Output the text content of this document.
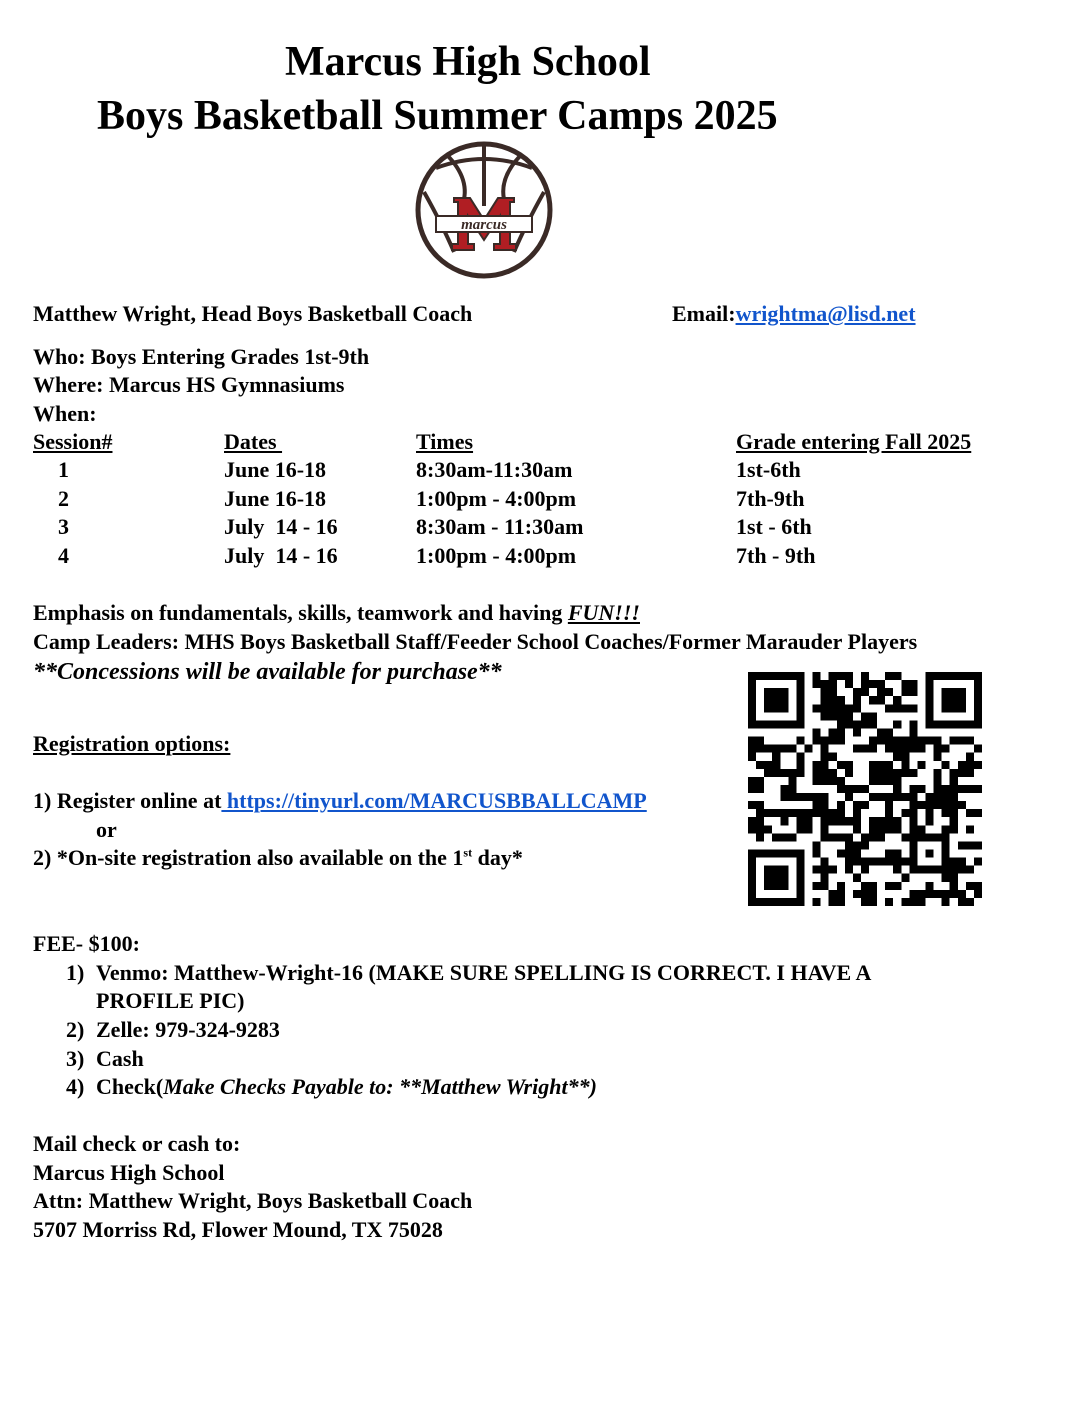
Marcus High School
Boys Basketball Summer Camps 2025
marcus
Matthew Wright, Head Boys Basketball Coach	Email:wrightma@lisd.net
Who: Boys Entering Grades 1st-9th
Where: Marcus HS Gymnasiums
When:
Session#	Dates	Times	Grade entering Fall 2025
1	June 16-18	8:30am-11:30am	1st-6th
2	June 16-18	1:00pm - 4:00pm	7th-9th
3	July  14 - 16	8:30am - 11:30am	1st - 6th
4	July  14 - 16	1:00pm - 4:00pm	7th - 9th
Emphasis on fundamentals, skills, teamwork and having FUN!!!
Camp Leaders: MHS Boys Basketball Staff/Feeder School Coaches/Former Marauder Players
**Concessions will be available for purchase**
Registration options:
1) Register online at https://tinyurl.com/MARCUSBBALLCAMP
or
2) *On-site registration also available on the 1st day*
FEE- $100:
1) Venmo: Matthew-Wright-16 (MAKE SURE SPELLING IS CORRECT. I HAVE A
PROFILE PIC)
2) Zelle: 979-324-9283
3) Cash
4) Check(Make Checks Payable to: **Matthew Wright**)
Mail check or cash to:
Marcus High School
Attn: Matthew Wright, Boys Basketball Coach
5707 Morriss Rd, Flower Mound, TX 75028
